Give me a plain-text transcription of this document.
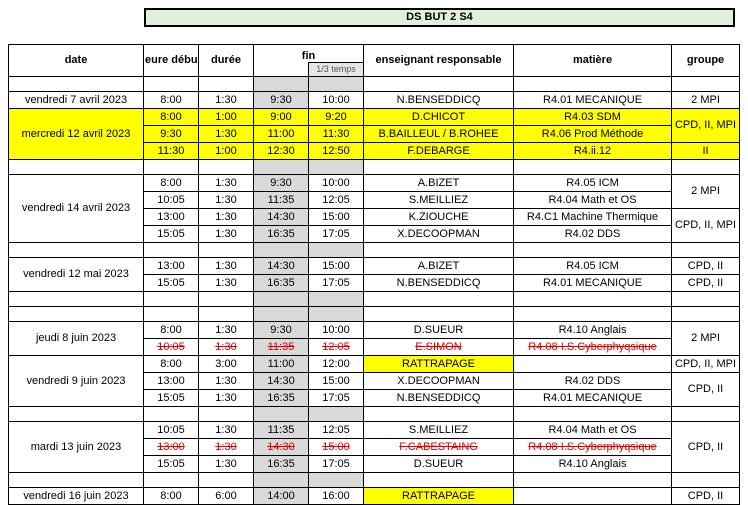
DS BUT 2 S4
date	eure débu	durée	fin		enseignant responsable	matière	groupe
				1/3 temps			

vendredi 7 avril 2023	8:00	1:30	9:30	10:00	N.BENSEDDICQ	R4.01 MECANIQUE	2 MPI
mercredi 12 avril 2023	8:00	1:00	9:00	9:20	D.CHICOT	R4.03 SDM	CPD, II, MPI
	9:30	1:30	11:00	11:30	B.BAILLEUL / B.ROHEE	R4.06 Prod Méthode	
	11:30	1:00	12:30	12:50	F.DEBARGE	R4.ii.12	II

vendredi 14 avril 2023	8:00	1:30	9:30	10:00	A.BIZET	R4.05 ICM	2 MPI
	10:05	1:30	11:35	12:05	S.MEILLIEZ	R4.04 Math et OS	
	13:00	1:30	14:30	15:00	K.ZIOUCHE	R4.C1 Machine Thermique	CPD, II, MPI
	15:05	1:30	16:35	17:05	X.DECOOPMAN	R4.02 DDS	

vendredi 12 mai 2023	13:00	1:30	14:30	15:00	A.BIZET	R4.05 ICM	CPD, II
	15:05	1:30	16:35	17:05	N.BENSEDDICQ	R4.01 MECANIQUE	CPD, II

jeudi 8 juin 2023	8:00	1:30	9:30	10:00	D.SUEUR	R4.10 Anglais	2 MPI
	10:05	1:30	11:35	12:05	E.SIMON	R4.08 I.S.Cyberphyqsique	
vendredi 9 juin 2023	8:00	3:00	11:00	12:00	RATTRAPAGE		CPD, II, MPI
	13:00	1:30	14:30	15:00	X.DECOOPMAN	R4.02 DDS	CPD, II
	15:05	1:30	16:35	17:05	N.BENSEDDICQ	R4.01 MECANIQUE	

mardi 13 juin 2023	10:05	1:30	11:35	12:05	S.MEILLIEZ	R4.04 Math et OS	CPD, II
	13:00	1:30	14:30	15:00	F.CABESTAING	R4.08 I.S.Cyberphyqsique	
	15:05	1:30	16:35	17:05	D.SUEUR	R4.10 Anglais	

vendredi 16 juin 2023	8:00	6:00	14:00	16:00	RATTRAPAGE		CPD, II
